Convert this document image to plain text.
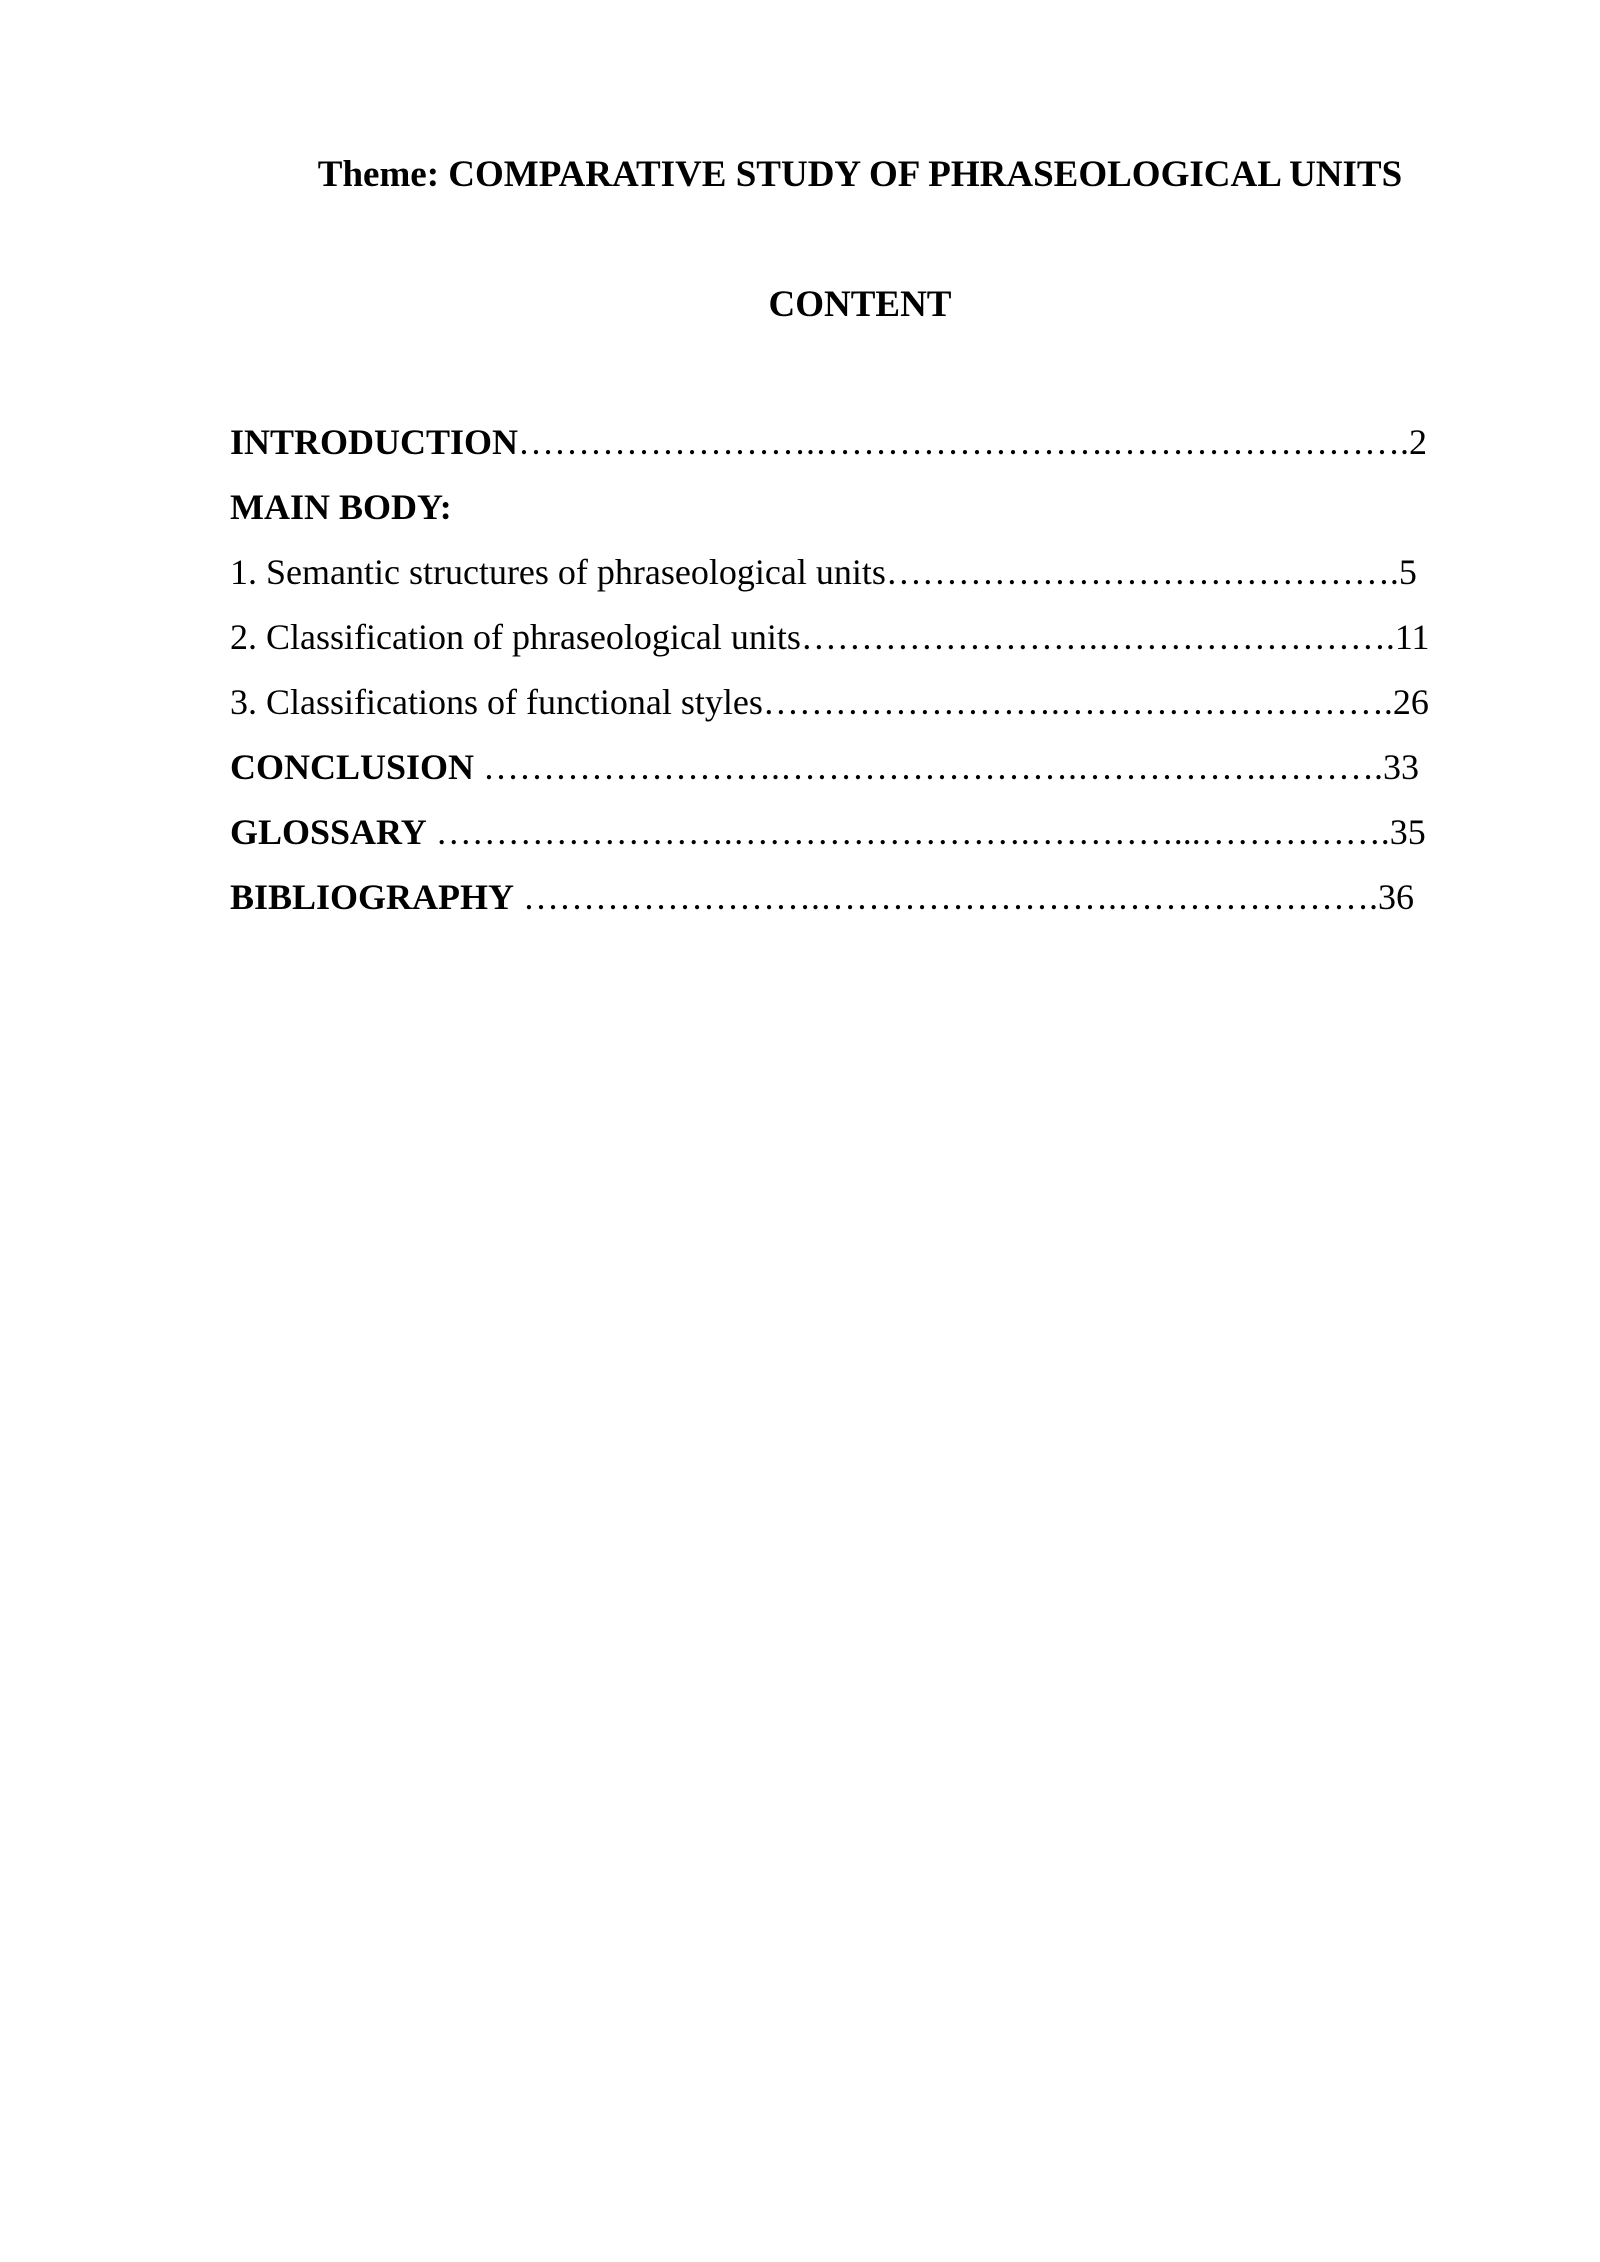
Theme: COMPARATIVE STUDY OF PHRASEOLOGICAL UNITS
CONTENT
INTRODUCTION…………………….…………………….…………………….2
MAIN BODY:
1. Semantic structures of phraseological units…………………………………….5
2. Classification of phraseological units…………………….…………………….11
3. Classifications of functional styles…………………….……………………….26
CONCLUSION …………………….…………………….…………….……….33
GLOSSARY …………………….…………………….…………...…………….35
BIBLIOGRAPHY …………………….…………………….………………….36
